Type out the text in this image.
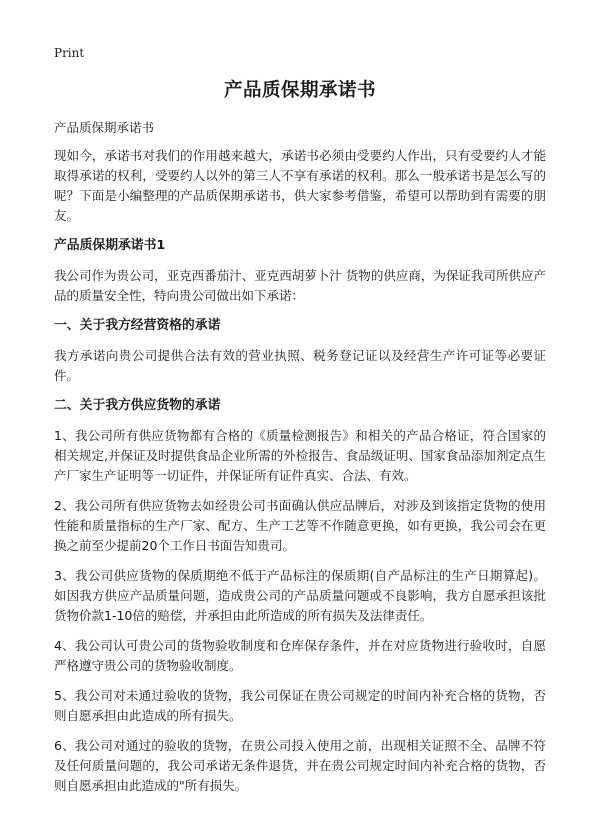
Print
产品质保期承诺书
产品质保期承诺书

现如今，承诺书对我们的作用越来越大，承诺书必须由受要约人作出，只有受要约人才能取得承诺的权利，受要约人以外的第三人不享有承诺的权利。那么一般承诺书是怎么写的呢？下面是小编整理的产品质保期承诺书，供大家参考借鉴，希望可以帮助到有需要的朋友。

产品质保期承诺书1

我公司作为贵公司，亚克西番茄汁、亚克西胡萝卜汁 货物的供应商，为保证我司所供应产品的质量安全性，特向贵公司做出如下承诺：

一、关于我方经营资格的承诺

我方承诺向贵公司提供合法有效的营业执照、税务登记证以及经营生产许可证等必要证件。

二、关于我方供应货物的承诺

1、我公司所有供应货物都有合格的《质量检测报告》和相关的产品合格证，符合国家的相关规定,并保证及时提供食品企业所需的外检报告、食品级证明、国家食品添加剂定点生产厂家生产证明等一切证件，并保证所有证件真实、合法、有效。

2、我公司所有供应货物去如经贵公司书面确认供应品牌后，对涉及到该指定货物的使用性能和质量指标的生产厂家、配方、生产工艺等不作随意更换，如有更换，我公司会在更换之前至少提前20个工作日书面告知贵司。

3、我公司供应货物的保质期绝不低于产品标注的保质期(自产品标注的生产日期算起)。如因我方供应产品质量问题，造成贵公司的产品质量问题或不良影响，我方自愿承担该批货物价款1-10倍的赔偿，并承担由此所造成的所有损失及法律责任。

4、我公司认可贵公司的货物验收制度和仓库保存条件，并在对应货物进行验收时，自愿严格遵守贵公司的货物验收制度。

5、我公司对未通过验收的货物，我公司保证在贵公司规定的时间内补充合格的货物，否则自愿承担由此造成的所有损失。

6、我公司对通过的验收的货物，在贵公司投入使用之前，出现相关证照不全、品牌不符及任何质量问题的，我公司承诺无条件退货，并在贵公司规定时间内补充合格的货物，否则自愿承担由此造成的"所有损失。
